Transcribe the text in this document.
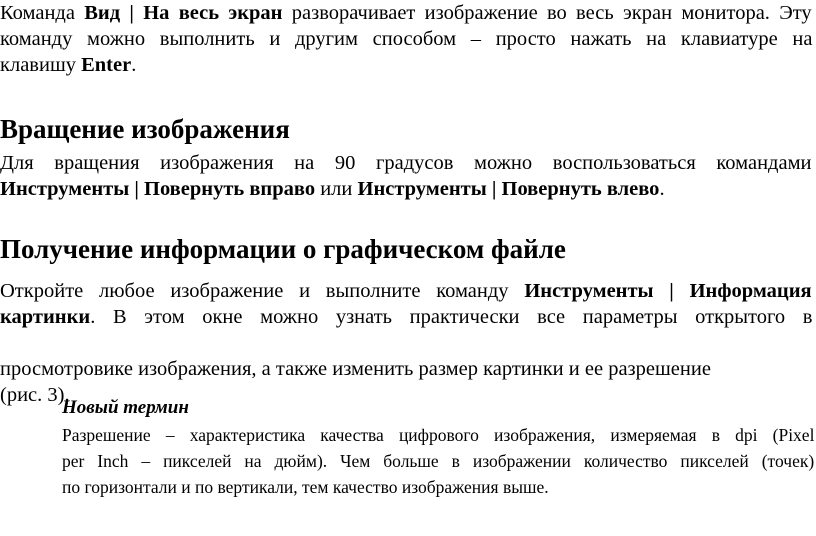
Команда Вид | На весь экран разворачивает изображение во весь экран монитора. Эту
команду можно выполнить и другим способом – просто нажать на клавиатуре на
клавишу Enter.
Вращение изображения
Для вращения изображения на 90 градусов можно воспользоваться командами
Инструменты | Повернуть вправо или Инструменты | Повернуть влево.
Получение информации о графическом файле
Откройте любое изображение и выполните команду Инструменты | Информация
картинки. В этом окне можно узнать практически все параметры открытого в
просмотровике изображения, а также изменить размер картинки и ее разрешение
(рис. 3).

Новый термин

Разрешение – характеристика качества цифрового изображения, измеряемая в dpi (Pixel
per Inch – пикселей на дюйм). Чем больше в изображении количество пикселей (точек)
по горизонтали и по вертикали, тем качество изображения выше.
